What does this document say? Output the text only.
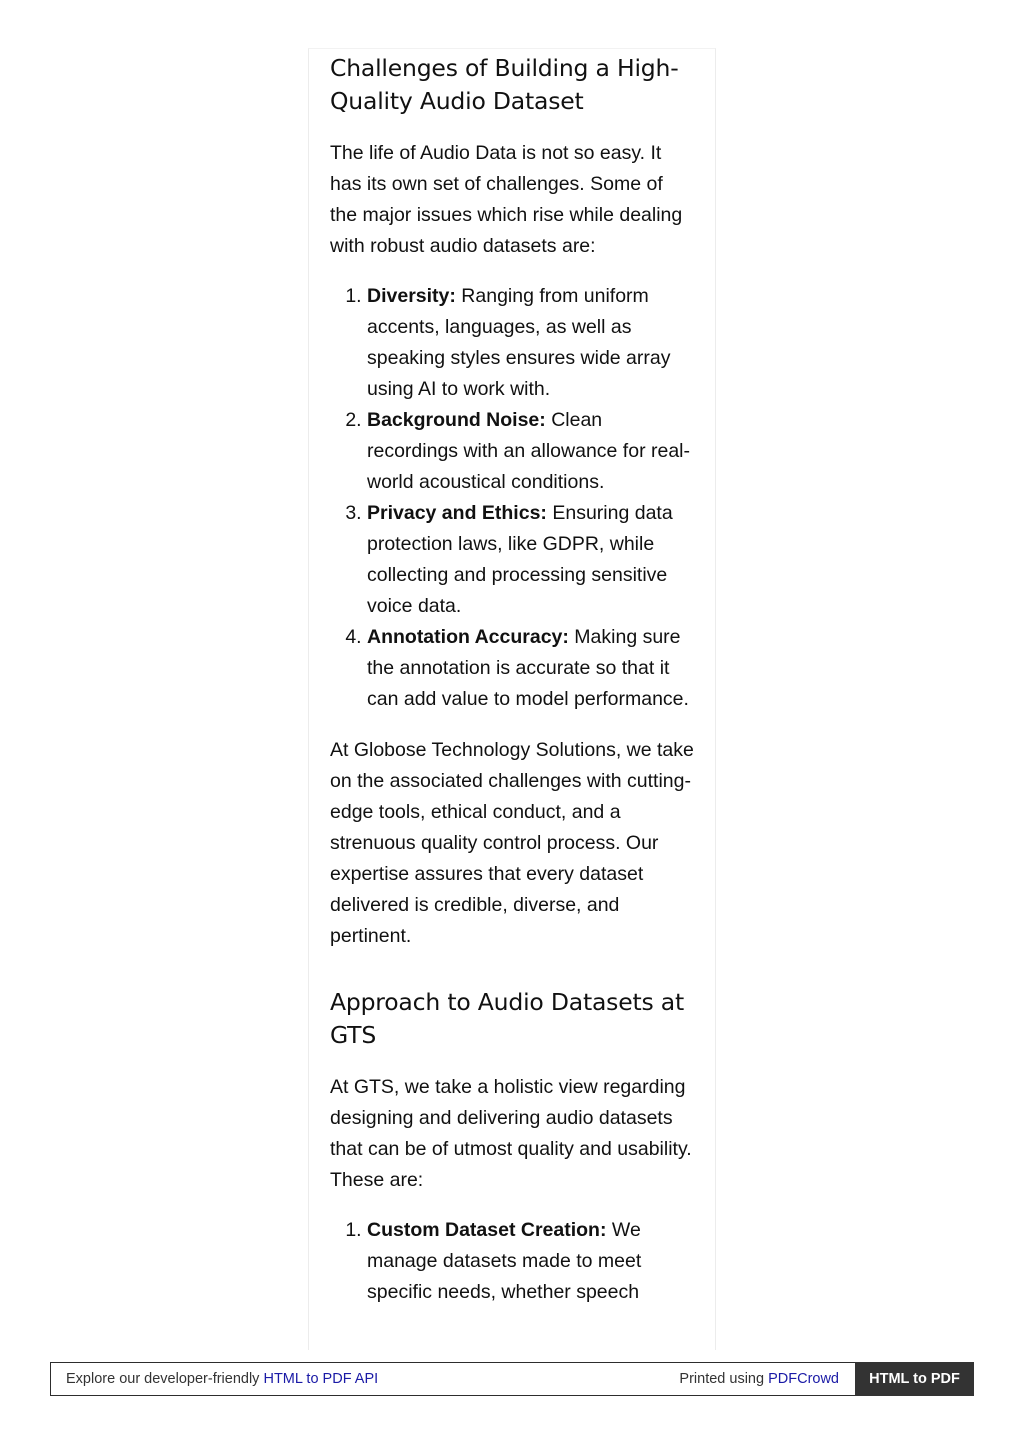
Challenges of Building a High-Quality Audio Dataset

The life of Audio Data is not so easy. It has its own set of challenges. Some of the major issues which rise while dealing with robust audio datasets are:

1. Diversity: Ranging from uniform accents, languages, as well as speaking styles ensures wide array using AI to work with.
2. Background Noise: Clean recordings with an allowance for real-world acoustical conditions.
3. Privacy and Ethics: Ensuring data protection laws, like GDPR, while collecting and processing sensitive voice data.
4. Annotation Accuracy: Making sure the annotation is accurate so that it can add value to model performance.

At Globose Technology Solutions, we take on the associated challenges with cutting-edge tools, ethical conduct, and a strenuous quality control process. Our expertise assures that every dataset delivered is credible, diverse, and pertinent.

Approach to Audio Datasets at GTS

At GTS, we take a holistic view regarding designing and delivering audio datasets that can be of utmost quality and usability. These are:

1. Custom Dataset Creation: We manage datasets made to meet specific needs, whether speech
Explore our developer-friendly HTML to PDF API	Printed using PDFCrowd	HTML to PDF
